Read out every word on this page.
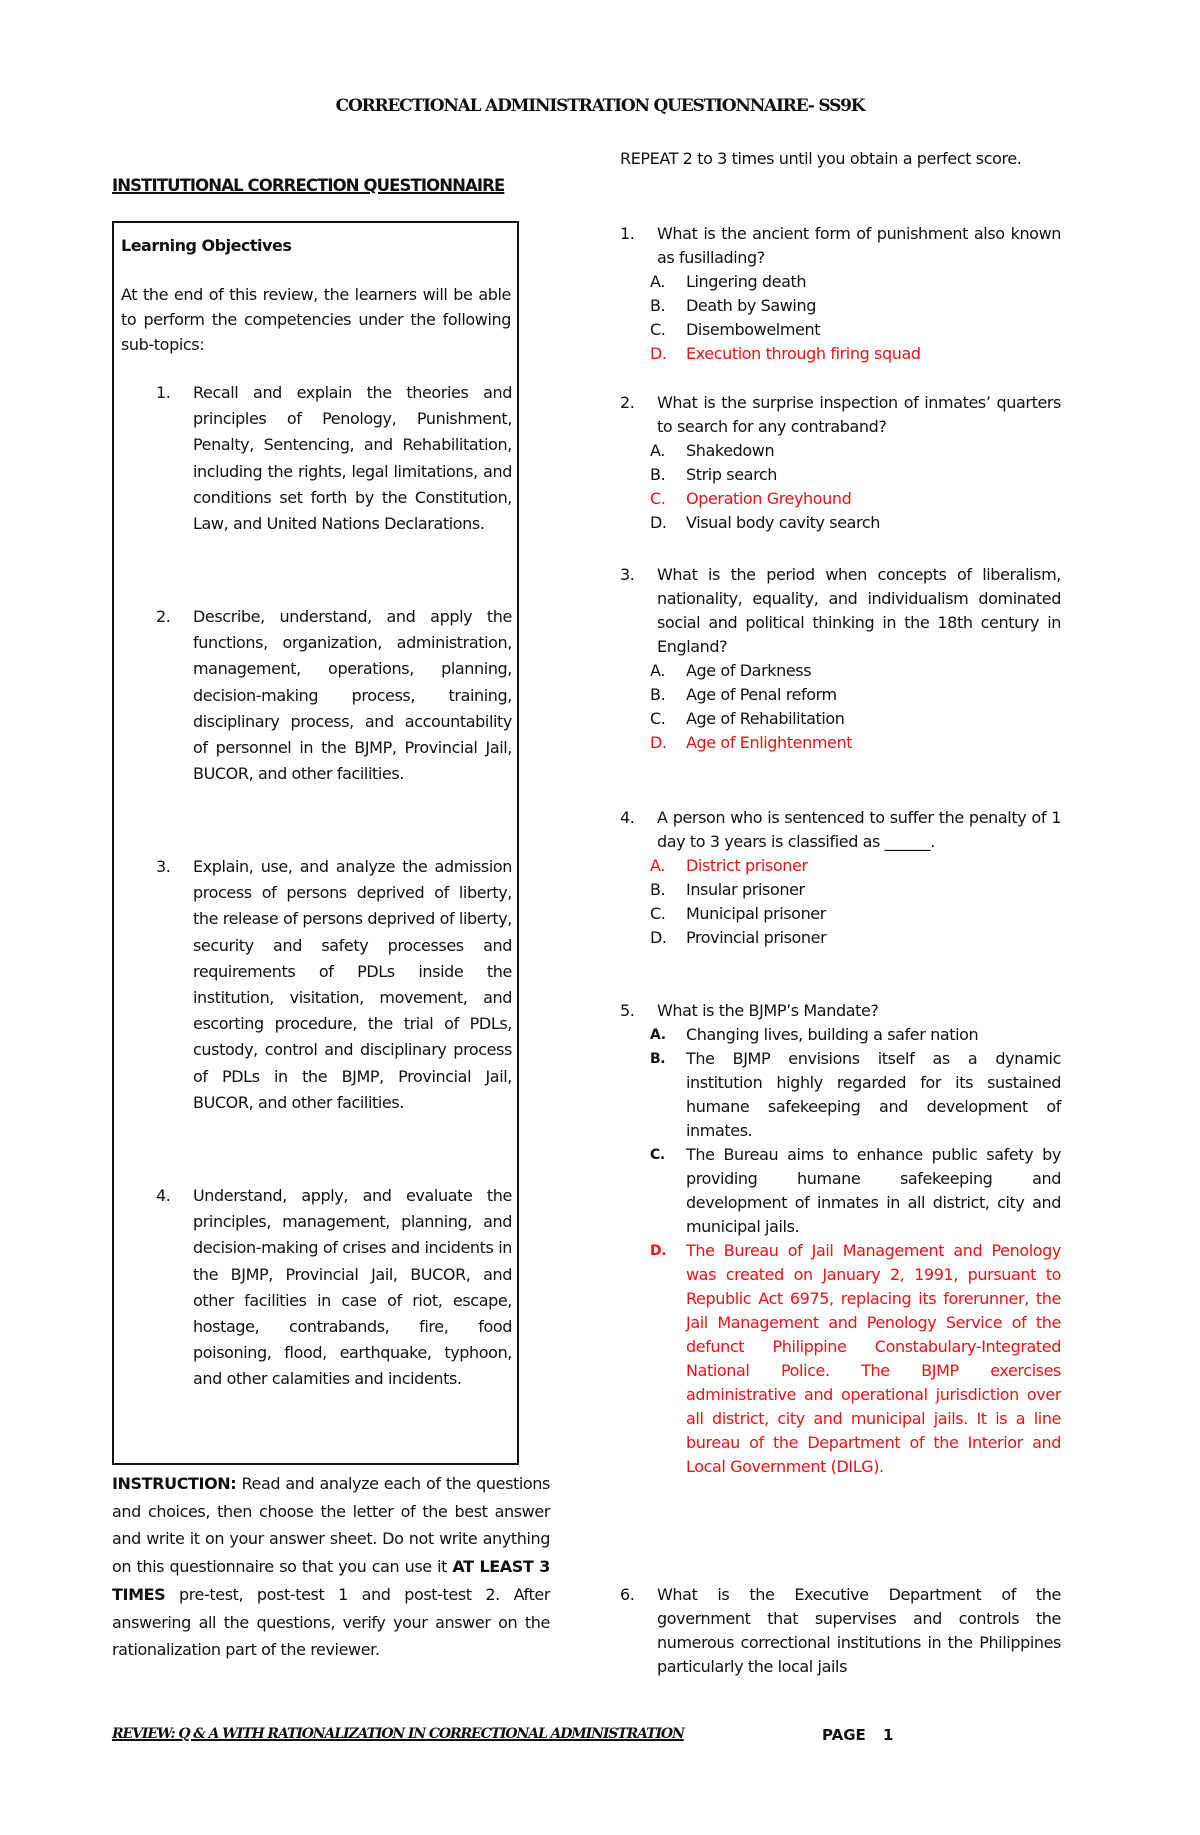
CORRECTIONAL ADMINISTRATION QUESTIONNAIRE- SS9K
INSTITUTIONAL CORRECTION QUESTIONNAIRE
Learning Objectives
At the end of this review, the learners will be able to perform the competencies under the following sub-topics:
1. Recall and explain the theories and principles of Penology, Punishment, Penalty, Sentencing, and Rehabilitation, including the rights, legal limitations, and conditions set forth by the Constitution, Law, and United Nations Declarations.
2. Describe, understand, and apply the functions, organization, administration, management, operations, planning, decision-making process, training, disciplinary process, and accountability of personnel in the BJMP, Provincial Jail, BUCOR, and other facilities.
3. Explain, use, and analyze the admission process of persons deprived of liberty, the release of persons deprived of liberty, security and safety processes and requirements of PDLs inside the institution, visitation, movement, and escorting procedure, the trial of PDLs, custody, control and disciplinary process of PDLs in the BJMP, Provincial Jail, BUCOR, and other facilities.
4. Understand, apply, and evaluate the principles, management, planning, and decision-making of crises and incidents in the BJMP, Provincial Jail, BUCOR, and other facilities in case of riot, escape, hostage, contrabands, fire, food poisoning, flood, earthquake, typhoon, and other calamities and incidents.
INSTRUCTION: Read and analyze each of the questions and choices, then choose the letter of the best answer and write it on your answer sheet. Do not write anything on this questionnaire so that you can use it AT LEAST 3 TIMES pre-test, post-test 1 and post-test 2. After answering all the questions, verify your answer on the rationalization part of the reviewer.
REPEAT 2 to 3 times until you obtain a perfect score.
1. What is the ancient form of punishment also known as fusillading?
A. Lingering death
B. Death by Sawing
C. Disembowelment
D. Execution through firing squad
2. What is the surprise inspection of inmates’ quarters to search for any contraband?
A. Shakedown
B. Strip search
C. Operation Greyhound
D. Visual body cavity search
3. What is the period when concepts of liberalism, nationality, equality, and individualism dominated social and political thinking in the 18th century in England?
A. Age of Darkness
B. Age of Penal reform
C. Age of Rehabilitation
D. Age of Enlightenment
4. A person who is sentenced to suffer the penalty of 1 day to 3 years is classified as ______.
A. District prisoner
B. Insular prisoner
C. Municipal prisoner
D. Provincial prisoner
5. What is the BJMP’s Mandate?
A. Changing lives, building a safer nation
B. The BJMP envisions itself as a dynamic institution highly regarded for its sustained humane safekeeping and development of inmates.
C. The Bureau aims to enhance public safety by providing humane safekeeping and development of inmates in all district, city and municipal jails.
D. The Bureau of Jail Management and Penology was created on January 2, 1991, pursuant to Republic Act 6975, replacing its forerunner, the Jail Management and Penology Service of the defunct Philippine Constabulary-Integrated National Police. The BJMP exercises administrative and operational jurisdiction over all district, city and municipal jails. It is a line bureau of the Department of the Interior and Local Government (DILG).
6. What is the Executive Department of the government that supervises and controls the numerous correctional institutions in the Philippines particularly the local jails
REVIEW: Q & A WITH RATIONALIZATION IN CORRECTIONAL ADMINISTRATION	PAGE 1
